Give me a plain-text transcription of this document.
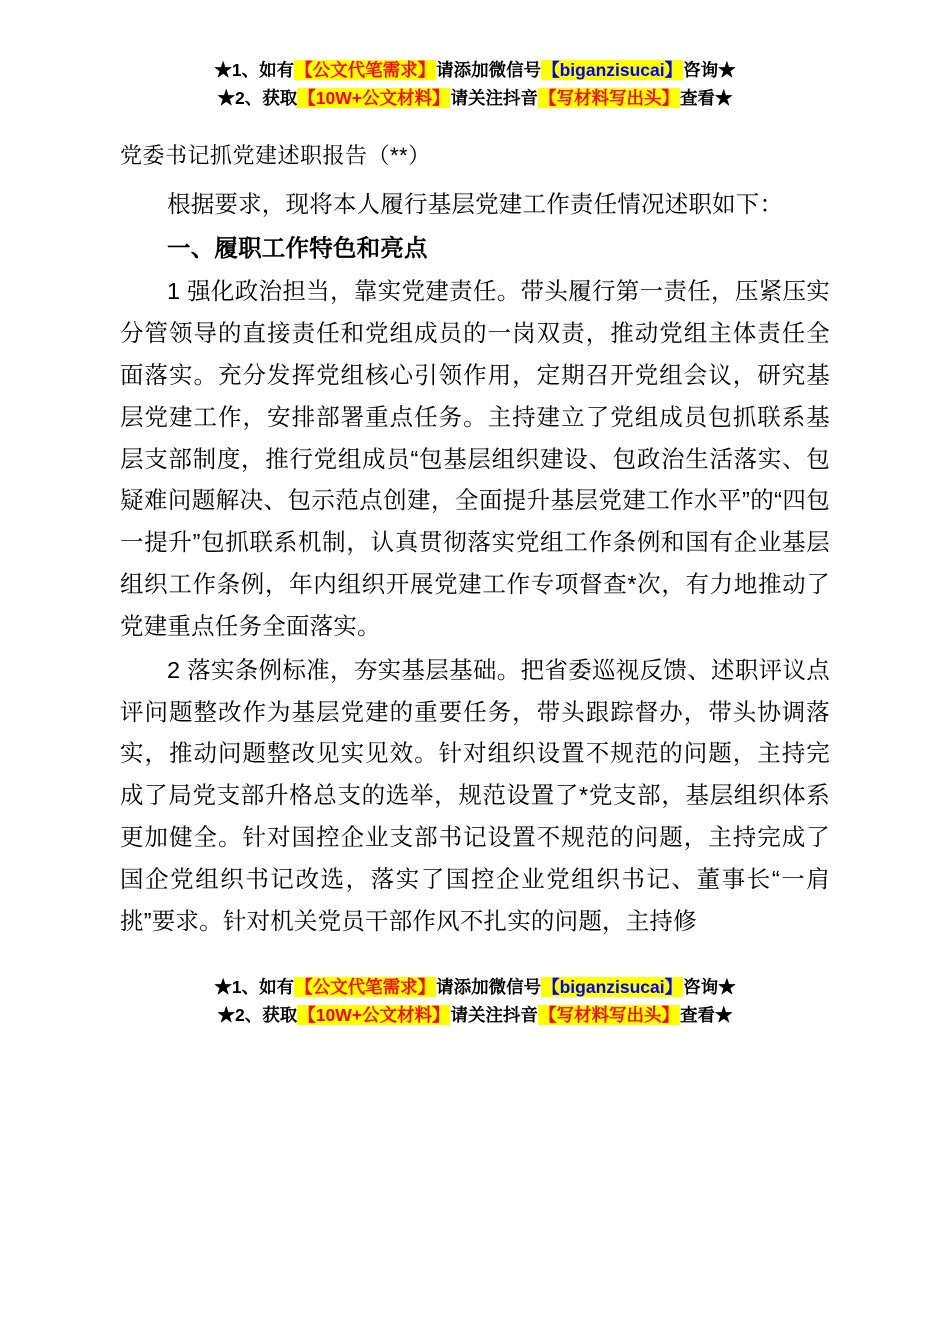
★1、如有【公文代笔需求】请添加微信号【biganzisucai】咨询★
★2、获取【10W+公文材料】请关注抖音【写材料写出头】查看★
党委书记抓党建述职报告（**）

根据要求，现将本人履行基层党建工作责任情况述职如下：

一、履职工作特色和亮点

1 强化政治担当，靠实党建责任。带头履行第一责任，压紧压实分管领导的直接责任和党组成员的一岗双责，推动党组主体责任全面落实。充分发挥党组核心引领作用，定期召开党组会议，研究基层党建工作，安排部署重点任务。主持建立了党组成员包抓联系基层支部制度，推行党组成员“包基层组织建设、包政治生活落实、包疑难问题解决、包示范点创建，全面提升基层党建工作水平”的“四包一提升”包抓联系机制，认真贯彻落实党组工作条例和国有企业基层组织工作条例，年内组织开展党建工作专项督查*次，有力地推动了党建重点任务全面落实。

2 落实条例标准，夯实基层基础。把省委巡视反馈、述职评议点评问题整改作为基层党建的重要任务，带头跟踪督办，带头协调落实，推动问题整改见实见效。针对组织设置不规范的问题，主持完成了局党支部升格总支的选举，规范设置了*党支部，基层组织体系更加健全。针对国控企业支部书记设置不规范的问题，主持完成了国企党组织书记改选，落实了国控企业党组织书记、董事长“一肩挑”要求。针对机关党员干部作风不扎实的问题，主持修

★1、如有【公文代笔需求】请添加微信号【biganzisucai】咨询★
★2、获取【10W+公文材料】请关注抖音【写材料写出头】查看★
